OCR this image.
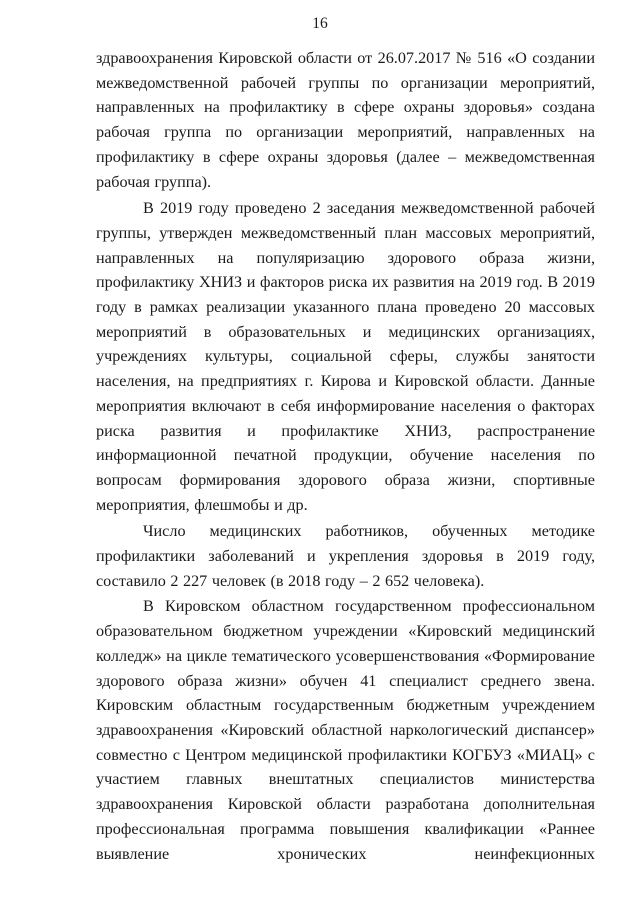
16

здравоохранения Кировской области от 26.07.2017 № 516 «О создании межведомственной рабочей группы по организации мероприятий, направленных на профилактику в сфере охраны здоровья» создана рабочая группа по организации мероприятий, направленных на профилактику в сфере охраны здоровья (далее – межведомственная рабочая группа).

В 2019 году проведено 2 заседания межведомственной рабочей группы, утвержден межведомственный план массовых мероприятий, направленных на популяризацию здорового образа жизни, профилактику ХНИЗ и факторов риска их развития на 2019 год. В 2019 году в рамках реализации указанного плана проведено 20 массовых мероприятий в образовательных и медицинских организациях, учреждениях культуры, социальной сферы, службы занятости населения, на предприятиях г. Кирова и Кировской области. Данные мероприятия включают в себя информирование населения о факторах риска развития и профилактике ХНИЗ, распространение информационной печатной продукции, обучение населения по вопросам формирования здорового образа жизни, спортивные мероприятия, флешмобы и др.

Число медицинских работников, обученных методике профилактики заболеваний и укрепления здоровья в 2019 году, составило 2 227 человек (в 2018 году – 2 652 человека).

В Кировском областном государственном профессиональном образовательном бюджетном учреждении «Кировский медицинский колледж» на цикле тематического усовершенствования «Формирование здорового образа жизни» обучен 41 специалист среднего звена. Кировским областным государственным бюджетным учреждением здравоохранения «Кировский областной наркологический диспансер» совместно с Центром медицинской профилактики КОГБУЗ «МИАЦ» с участием главных внештатных специалистов министерства здравоохранения Кировской области разработана дополнительная профессиональная программа повышения квалификации «Раннее выявление хронических неинфекционных
